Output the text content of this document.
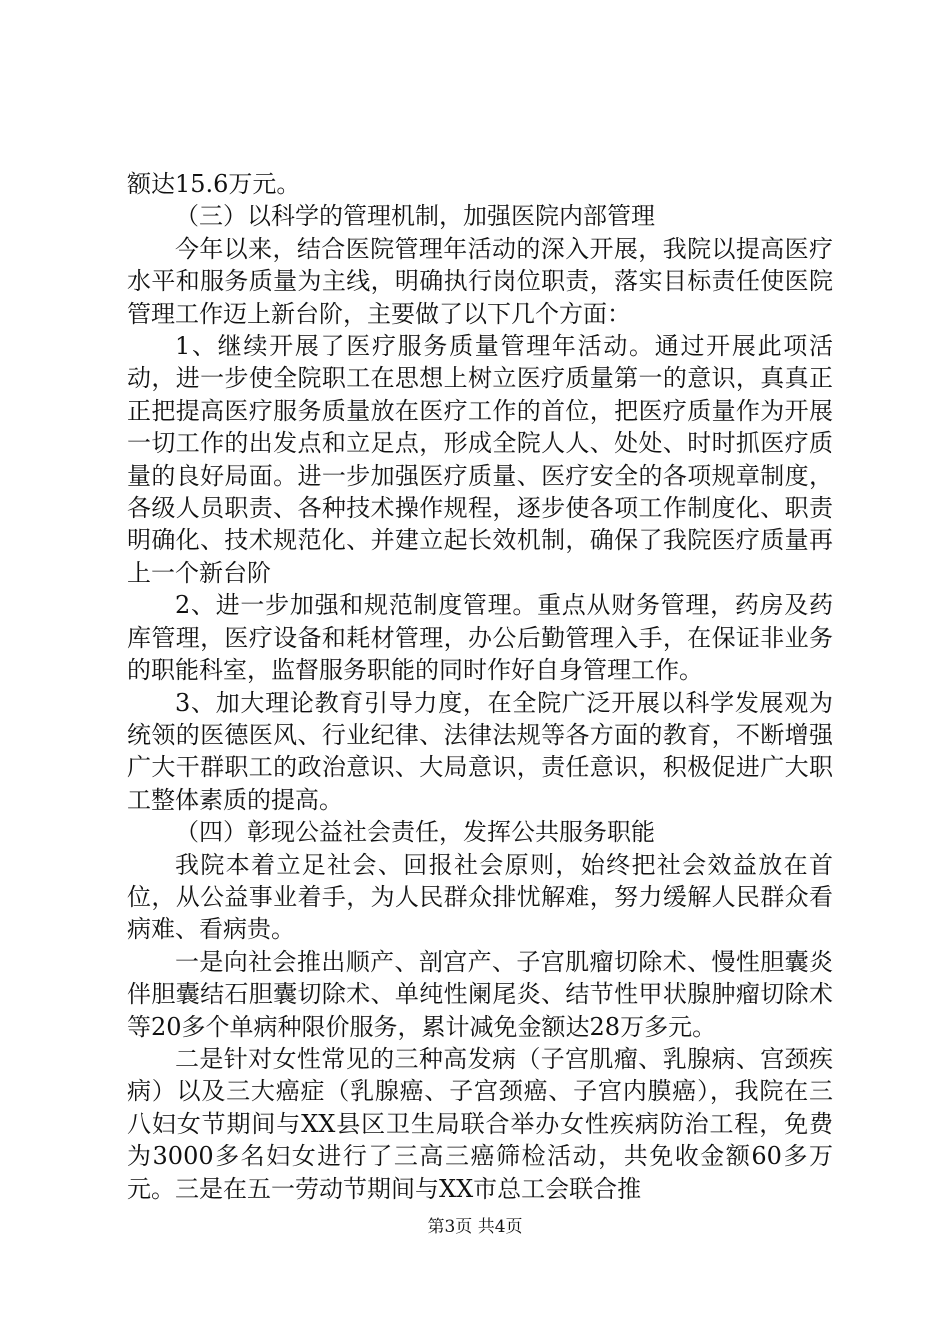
额达15.6万元。

（三）以科学的管理机制，加强医院内部管理

今年以来，结合医院管理年活动的深入开展，我院以提高医疗水平和服务质量为主线，明确执行岗位职责，落实目标责任使医院管理工作迈上新台阶，主要做了以下几个方面：

1、继续开展了医疗服务质量管理年活动。通过开展此项活动，进一步使全院职工在思想上树立医疗质量第一的意识，真真正正把提高医疗服务质量放在医疗工作的首位，把医疗质量作为开展一切工作的出发点和立足点，形成全院人人、处处、时时抓医疗质量的良好局面。进一步加强医疗质量、医疗安全的各项规章制度，各级人员职责、各种技术操作规程，逐步使各项工作制度化、职责明确化、技术规范化、并建立起长效机制，确保了我院医疗质量再上一个新台阶

2、进一步加强和规范制度管理。重点从财务管理，药房及药库管理，医疗设备和耗材管理，办公后勤管理入手，在保证非业务的职能科室，监督服务职能的同时作好自身管理工作。

3、加大理论教育引导力度，在全院广泛开展以科学发展观为统领的医德医风、行业纪律、法律法规等各方面的教育，不断增强广大干群职工的政治意识、大局意识，责任意识，积极促进广大职工整体素质的提高。

（四）彰现公益社会责任，发挥公共服务职能

我院本着立足社会、回报社会原则，始终把社会效益放在首位，从公益事业着手，为人民群众排忧解难，努力缓解人民群众看病难、看病贵。

一是向社会推出顺产、剖宫产、子宫肌瘤切除术、慢性胆囊炎伴胆囊结石胆囊切除术、单纯性阑尾炎、结节性甲状腺肿瘤切除术等20多个单病种限价服务，累计减免金额达28万多元。

二是针对女性常见的三种高发病（子宫肌瘤、乳腺病、宫颈疾病）以及三大癌症（乳腺癌、子宫颈癌、子宫内膜癌），我院在三八妇女节期间与XX县区卫生局联合举办女性疾病防治工程，免费为3000多名妇女进行了三高三癌筛检活动，共免收金额60多万元。三是在五一劳动节期间与XX市总工会联合推

第3页 共4页
